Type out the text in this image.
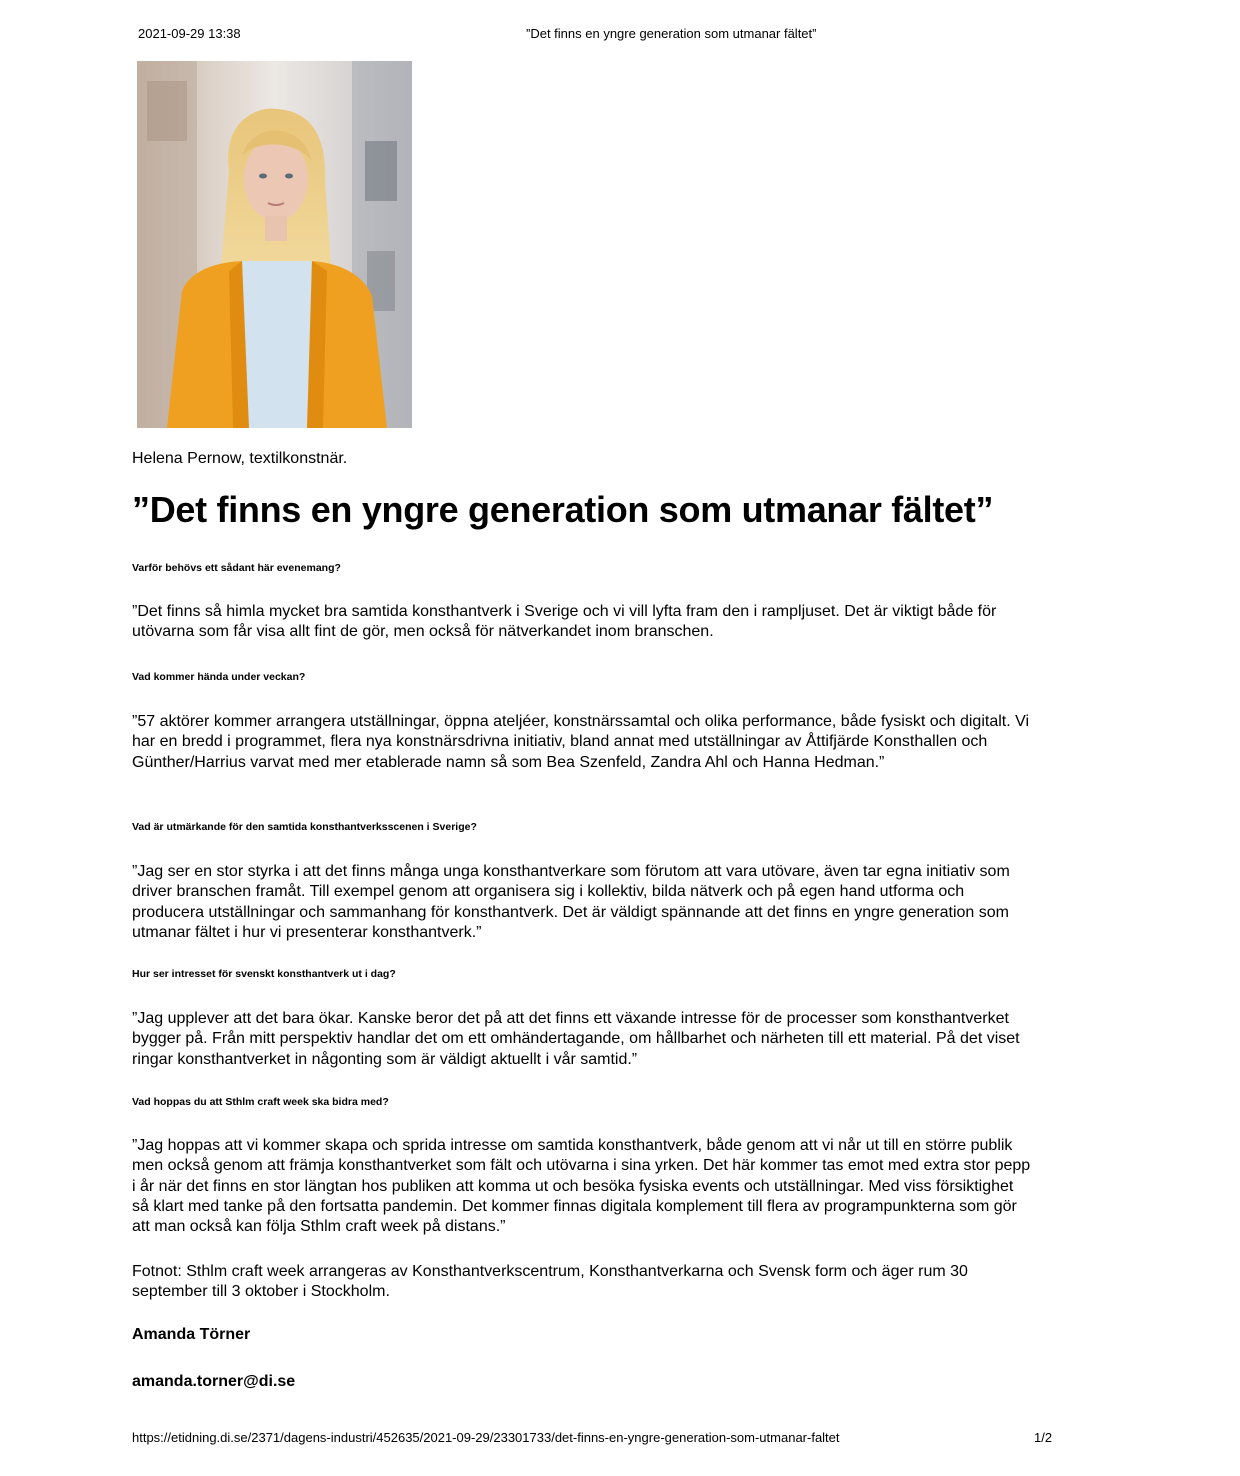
2021-09-29 13:38	”Det finns en yngre generation som utmanar fältet”
Helena Pernow, textilkonstnär.
”Det finns en yngre generation som utmanar fältet”

Varför behövs ett sådant här evenemang?

”Det finns så himla mycket bra samtida konsthantverk i Sverige och vi vill lyfta fram den i rampljuset. Det är viktigt både för utövarna som får visa allt fint de gör, men också för nätverkandet inom branschen.

Vad kommer hända under veckan?

”57 aktörer kommer arrangera utställningar, öppna ateljéer, konstnärssamtal och olika performance, både fysiskt och digitalt. Vi har en bredd i programmet, flera nya konstnärsdrivna initiativ, bland annat med utställningar av Åttifjärde Konsthallen och Günther/Harrius varvat med mer etablerade namn så som Bea Szenfeld, Zandra Ahl och Hanna Hedman.”

Vad är utmärkande för den samtida konsthantverksscenen i Sverige?

”Jag ser en stor styrka i att det finns många unga konsthantverkare som förutom att vara utövare, även tar egna initiativ som driver branschen framåt. Till exempel genom att organisera sig i kollektiv, bilda nätverk och på egen hand utforma och producera utställningar och sammanhang för konsthantverk. Det är väldigt spännande att det finns en yngre generation som utmanar fältet i hur vi presenterar konsthantverk.”

Hur ser intresset för svenskt konsthantverk ut i dag?

”Jag upplever att det bara ökar. Kanske beror det på att det finns ett växande intresse för de processer som konsthantverket bygger på. Från mitt perspektiv handlar det om ett omhändertagande, om hållbarhet och närheten till ett material. På det viset ringar konsthantverket in någonting som är väldigt aktuellt i vår samtid.”

Vad hoppas du att Sthlm craft week ska bidra med?

”Jag hoppas att vi kommer skapa och sprida intresse om samtida konsthantverk, både genom att vi når ut till en större publik men också genom att främja konsthantverket som fält och utövarna i sina yrken. Det här kommer tas emot med extra stor pepp i år när det finns en stor längtan hos publiken att komma ut och besöka fysiska events och utställningar. Med viss försiktighet så klart med tanke på den fortsatta pandemin. Det kommer finnas digitala komplement till flera av programpunkterna som gör att man också kan följa Sthlm craft week på distans.”

Fotnot: Sthlm craft week arrangeras av Konsthantverkscentrum, Konsthantverkarna och Svensk form och äger rum 30 september till 3 oktober i Stockholm.

Amanda Törner
amanda.torner@di.se
https://etidning.di.se/2371/dagens-industri/452635/2021-09-29/23301733/det-finns-en-yngre-generation-som-utmanar-faltet	1/2
